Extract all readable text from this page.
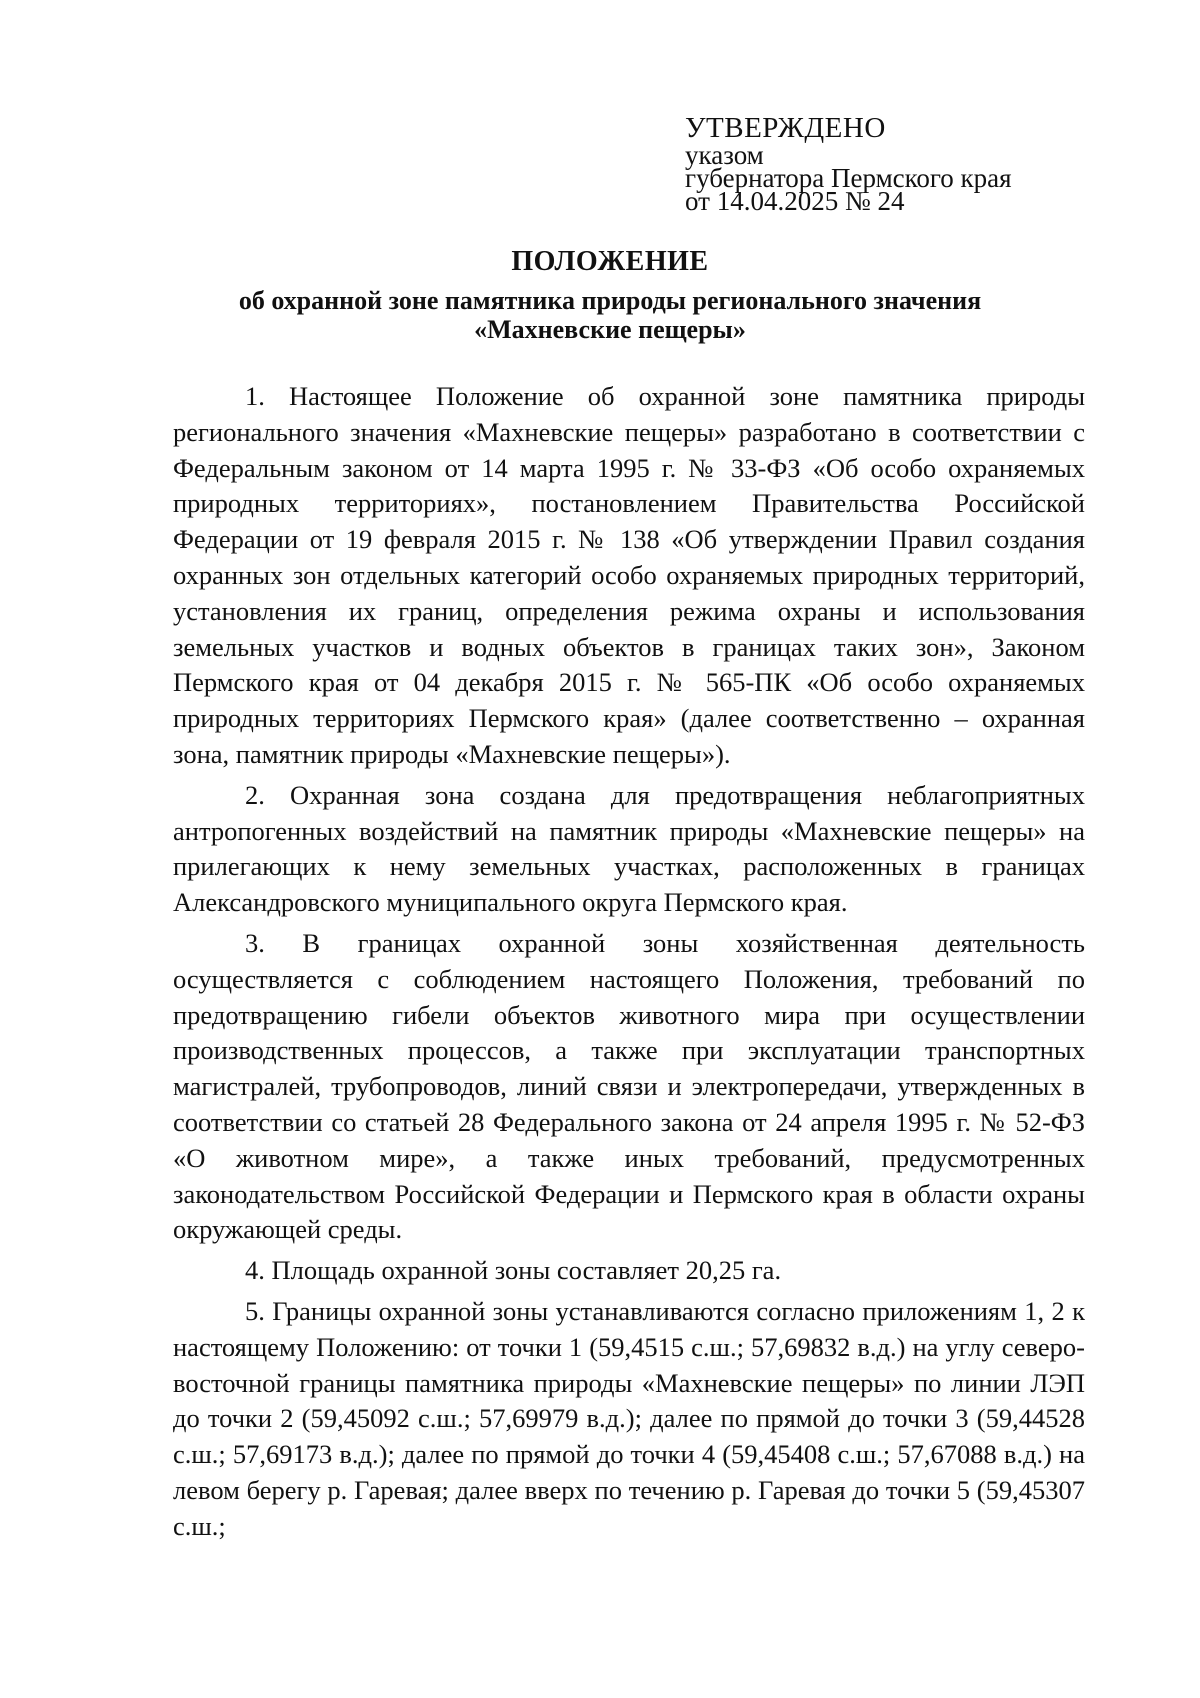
УТВЕРЖДЕНО
указом
губернатора Пермского края
от 14.04.2025 № 24
ПОЛОЖЕНИЕ
об охранной зоне памятника природы регионального значения
«Махневские пещеры»

1. Настоящее Положение об охранной зоне памятника природы регионального значения «Махневские пещеры» разработано в соответствии с Федеральным законом от 14 марта 1995 г. № 33-ФЗ «Об особо охраняемых природных территориях», постановлением Правительства Российской Федерации от 19 февраля 2015 г. № 138 «Об утверждении Правил создания охранных зон отдельных категорий особо охраняемых природных территорий, установления их границ, определения режима охраны и использования земельных участков и водных объектов в границах таких зон», Законом Пермского края от 04 декабря 2015 г. № 565-ПК «Об особо охраняемых природных территориях Пермского края» (далее соответственно – охранная зона, памятник природы «Махневские пещеры»).

2. Охранная зона создана для предотвращения неблагоприятных антропогенных воздействий на памятник природы «Махневские пещеры» на прилегающих к нему земельных участках, расположенных в границах Александровского муниципального округа Пермского края.

3. В границах охранной зоны хозяйственная деятельность осуществляется с соблюдением настоящего Положения, требований по предотвращению гибели объектов животного мира при осуществлении производственных процессов, а также при эксплуатации транспортных магистралей, трубопроводов, линий связи и электропередачи, утвержденных в соответствии со статьей 28 Федерального закона от 24 апреля 1995 г. № 52-ФЗ «О животном мире», а также иных требований, предусмотренных законодательством Российской Федерации и Пермского края в области охраны окружающей среды.

4. Площадь охранной зоны составляет 20,25 га.

5. Границы охранной зоны устанавливаются согласно приложениям 1, 2 к настоящему Положению: от точки 1 (59,4515 с.ш.; 57,69832 в.д.) на углу северо-восточной границы памятника природы «Махневские пещеры» по линии ЛЭП до точки 2 (59,45092 с.ш.; 57,69979 в.д.); далее по прямой до точки 3 (59,44528 с.ш.; 57,69173 в.д.); далее по прямой до точки 4 (59,45408 с.ш.; 57,67088 в.д.) на левом берегу р. Гаревая; далее вверх по течению р. Гаревая до точки 5 (59,45307 с.ш.;
